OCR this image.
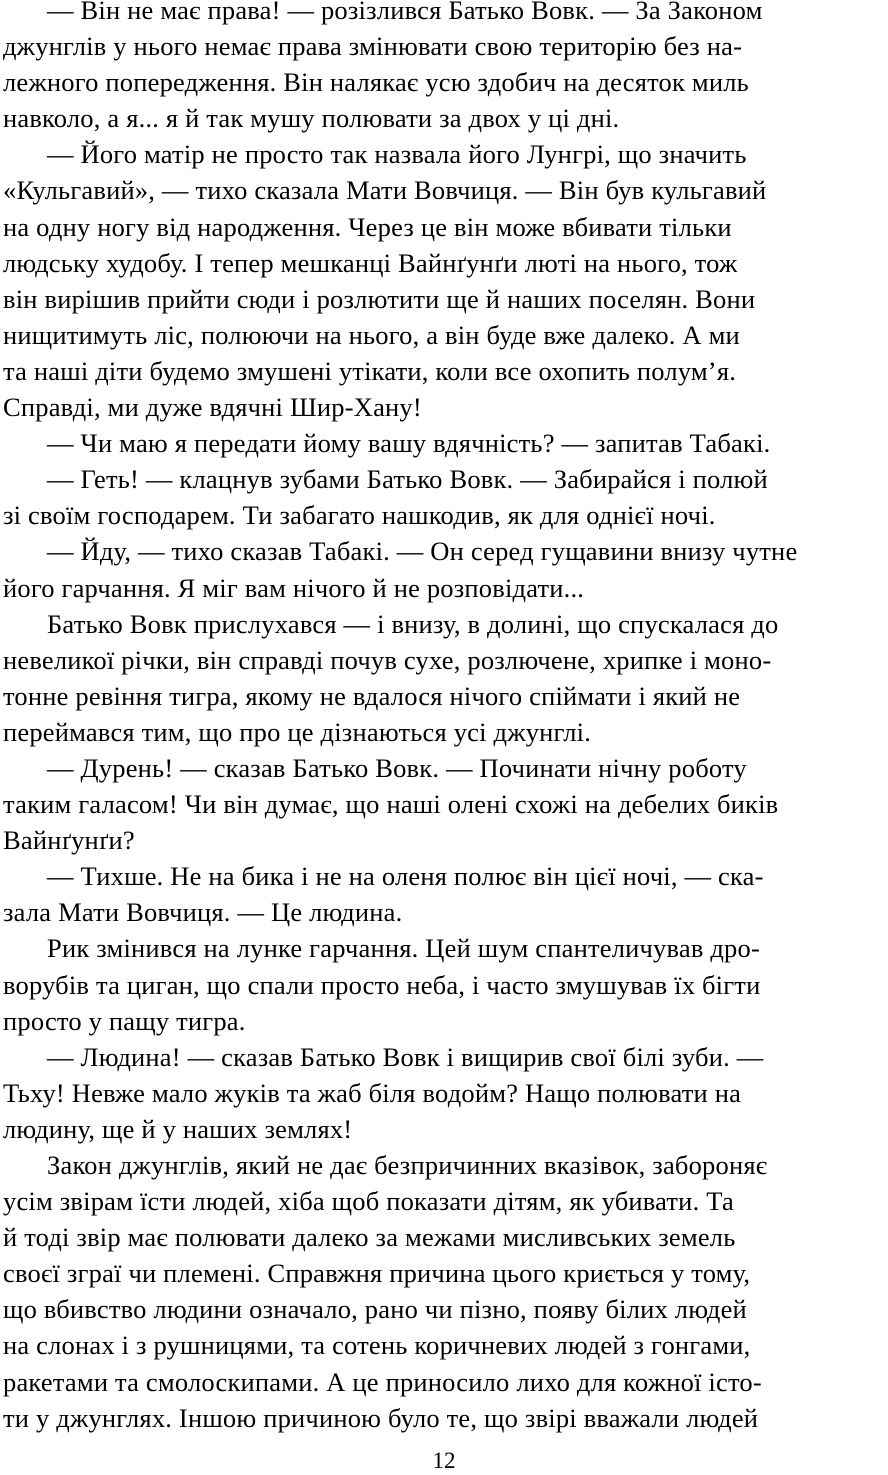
— Він не має права! — розізлився Батько Вовк. — За Законом
джунглів у нього немає права змінювати свою територію без на-
лежного попередження. Він налякає усю здобич на десяток миль
навколо, а я... я й так мушу полювати за двох у ці дні.
— Його матір не просто так назвала його Лунгрі, що значить
«Кульгавий», — тихо сказала Мати Вовчиця. — Він був кульгавий
на одну ногу від народження. Через це він може вбивати тільки
людську худобу. І тепер мешканці Вайнґунґи люті на нього, тож
він вирішив прийти сюди і розлютити ще й наших поселян. Вони
нищитимуть ліс, полюючи на нього, а він буде вже далеко. А ми
та наші діти будемо змушені утікати, коли все охопить полум’я.
Справді, ми дуже вдячні Шир-Хану!
— Чи маю я передати йому вашу вдячність? — запитав Табакі.
— Геть! — клацнув зубами Батько Вовк. — Забирайся і полюй
зі своїм господарем. Ти забагато нашкодив, як для однієї ночі.
— Йду, — тихо сказав Табакі. — Он серед гущавини внизу чутне
його гарчання. Я міг вам нічого й не розповідати...
Батько Вовк прислухався — і внизу, в долині, що спускалася до
невеликої річки, він справді почув сухе, розлючене, хрипке і моно-
тонне ревіння тигра, якому не вдалося нічого спіймати і який не
переймався тим, що про це дізнаються усі джунглі.
— Дурень! — сказав Батько Вовк. — Починати нічну роботу
таким галасом! Чи він думає, що наші олені схожі на дебелих биків
Вайнґунґи?
— Тихше. Не на бика і не на оленя полює він цієї ночі, — ска-
зала Мати Вовчиця. — Це людина.
Рик змінився на лунке гарчання. Цей шум спантеличував дро-
ворубів та циган, що спали просто неба, і часто змушував їх бігти
просто у пащу тигра.
— Людина! — сказав Батько Вовк і вищирив свої білі зуби. —
Тьху! Невже мало жуків та жаб біля водойм? Нащо полювати на
людину, ще й у наших землях!
Закон джунглів, який не дає безпричинних вказівок, забороняє
усім звірам їсти людей, хіба щоб показати дітям, як убивати. Та
й тоді звір має полювати далеко за межами мисливських земель
своєї зграї чи племені. Справжня причина цього криється у тому,
що вбивство людини означало, рано чи пізно, появу білих людей
на слонах і з рушницями, та сотень коричневих людей з гонгами,
ракетами та смолоскипами. А це приносило лихо для кожної істо-
ти у джунглях. Іншою причиною було те, що звірі вважали людей
12
